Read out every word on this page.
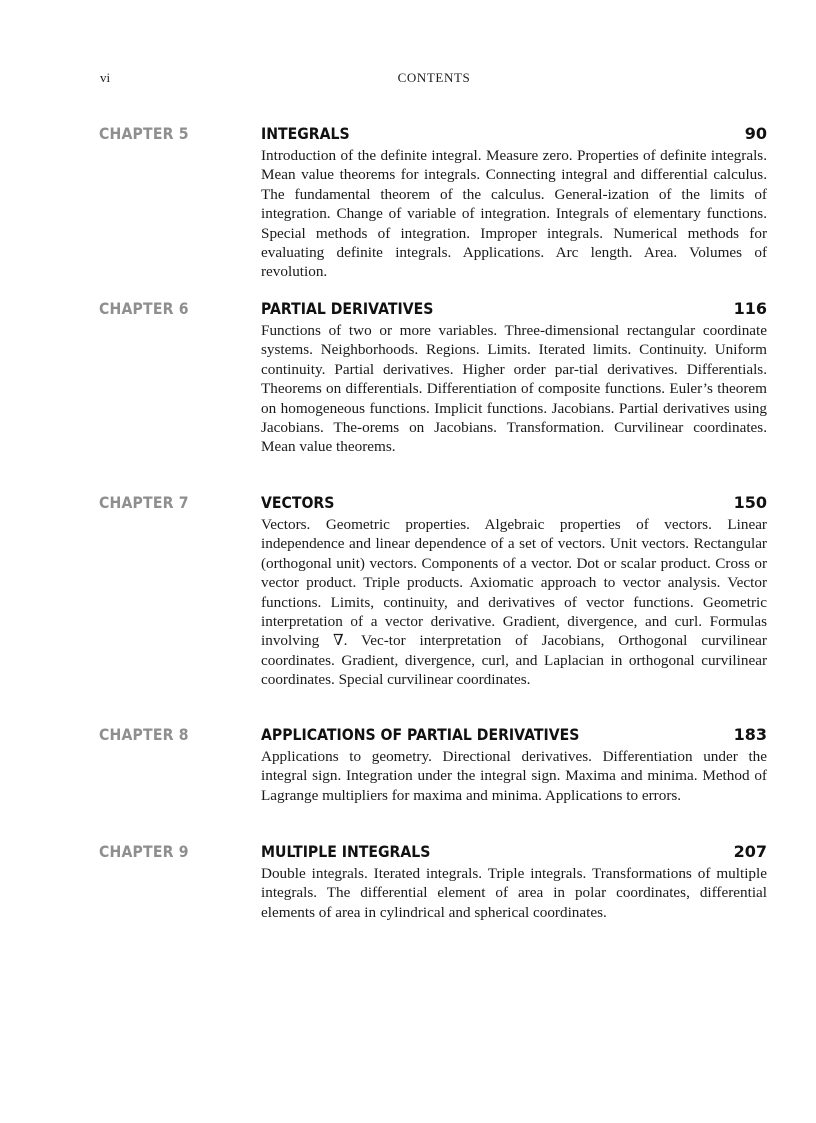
vi	CONTENTS
CHAPTER 5	INTEGRALS	90

Introduction of the definite integral. Measure zero. Properties of definite integrals. Mean value theorems for integrals. Connecting integral and differential calculus. The fundamental theorem of the calculus. General-ization of the limits of integration. Change of variable of integration. Integrals of elementary functions. Special methods of integration. Improper integrals. Numerical methods for evaluating definite integrals. Applications. Arc length. Area. Volumes of revolution.

CHAPTER 6	PARTIAL DERIVATIVES	116

Functions of two or more variables. Three-dimensional rectangular coordinate systems. Neighborhoods. Regions. Limits. Iterated limits. Continuity. Uniform continuity. Partial derivatives. Higher order par-tial derivatives. Differentials. Theorems on differentials. Differentiation of composite functions. Euler’s theorem on homogeneous functions. Implicit functions. Jacobians. Partial derivatives using Jacobians. The-orems on Jacobians. Transformation. Curvilinear coordinates. Mean value theorems.

CHAPTER 7	VECTORS	150

Vectors. Geometric properties. Algebraic properties of vectors. Linear independence and linear dependence of a set of vectors. Unit vectors. Rectangular (orthogonal unit) vectors. Components of a vector. Dot or scalar product. Cross or vector product. Triple products. Axiomatic approach to vector analysis. Vector functions. Limits, continuity, and derivatives of vector functions. Geometric interpretation of a vector derivative. Gradient, divergence, and curl. Formulas involving ∇. Vec-tor interpretation of Jacobians, Orthogonal curvilinear coordinates. Gradient, divergence, curl, and Laplacian in orthogonal curvilinear coordinates. Special curvilinear coordinates.

CHAPTER 8	APPLICATIONS OF PARTIAL DERIVATIVES	183

Applications to geometry. Directional derivatives. Differentiation under the integral sign. Integration under the integral sign. Maxima and minima. Method of Lagrange multipliers for maxima and minima. Applications to errors.

CHAPTER 9	MULTIPLE INTEGRALS	207

Double integrals. Iterated integrals. Triple integrals. Transformations of multiple integrals. The differential element of area in polar coordinates, differential elements of area in cylindrical and spherical coordinates.
